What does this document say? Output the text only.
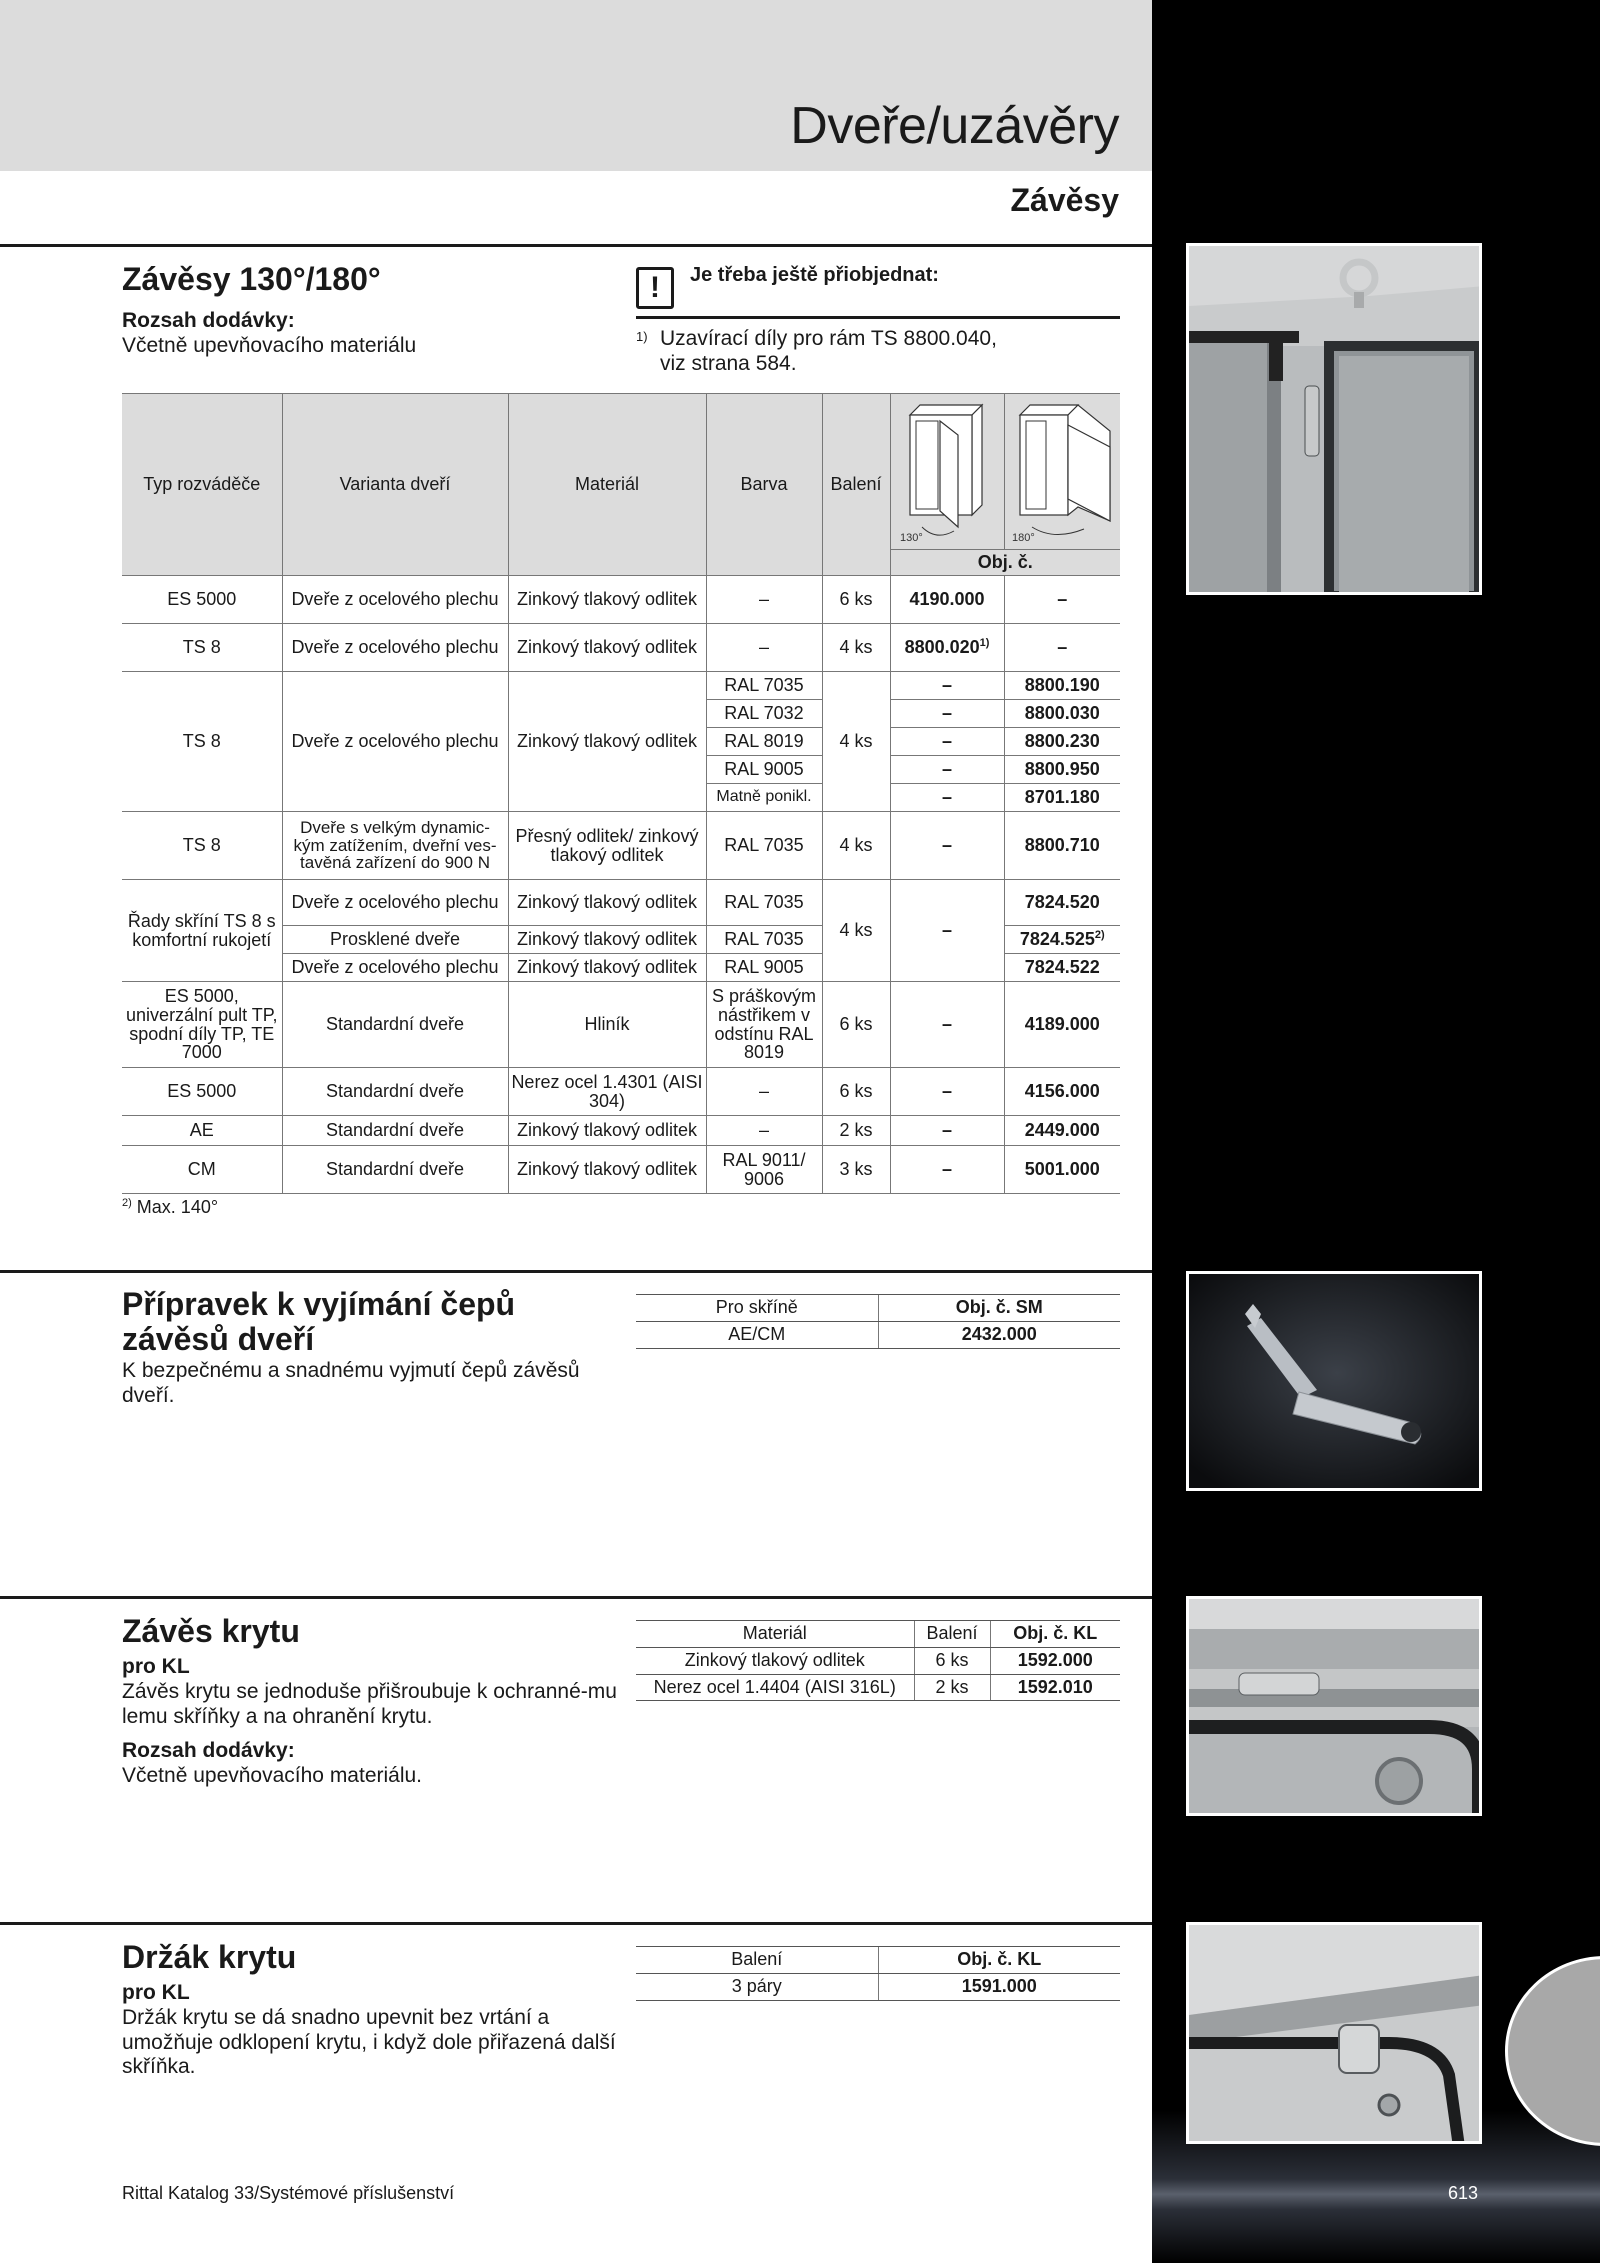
Dveře/uzávěry
Závěsy
Závěsy 130°/180°
Rozsah dodávky:
Včetně upevňovacího materiálu
!	Je třeba ještě přiobjednat:
1) Uzavírací díly pro rám TS 8800.040,
viz strana 584.
Typ rozváděče	Varianta dveří	Materiál	Barva	Balení	130°	180°

					Obj. č.	
ES 5000	Dveře z ocelového plechu	Zinkový tlakový odlitek	–	6 ks	4190.000	–
TS 8	Dveře z ocelového plechu	Zinkový tlakový odlitek	–	4 ks	8800.020$^{1)}$	–
TS 8	Dveře z ocelového plechu	Zinkový tlakový odlitek	RAL 7035	4 ks	–	8800.190
			RAL 7032		–	8800.030
			RAL 8019		–	8800.230
			RAL 9005		–	8800.950
			Matně ponikl.		–	8701.180
TS 8	Dveře s velkým dynamic-kým zatížením, dveřní ves-tavěná zařízení do 900 N	Přesný odlitek/ zinkový tlakový odlitek	RAL 7035	4 ks	–	8800.710
Řady skříní TS 8 s komfortní rukojetí	Dveře z ocelového plechu	Zinkový tlakový odlitek	RAL 7035	4 ks	–	7824.520
	Prosklené dveře	Zinkový tlakový odlitek	RAL 7035			7824.525$^{2)}$
	Dveře z ocelového plechu	Zinkový tlakový odlitek	RAL 9005			7824.522
ES 5000, univerzální pult TP, spodní díly TP, TE 7000	Standardní dveře	Hliník	S práškovým nástřikem v odstínu RAL 8019	6 ks	–	4189.000
ES 5000	Standardní dveře	Nerez ocel 1.4301 (AISI 304)	–	6 ks	–	4156.000
AE	Standardní dveře	Zinkový tlakový odlitek	–	2 ks	–	2449.000
CM	Standardní dveře	Zinkový tlakový odlitek	RAL 9011/ 9006	3 ks	–	5001.000
$^{2)}$ Max. 140°
Přípravek k vyjímání čepů závěsů dveří
K bezpečnému a snadnému vyjmutí čepů závěsů dveří.
Pro skříně	Obj. č. SM
AE/CM	2432.000
Závěs krytu
pro KL
Závěs krytu se jednoduše přišroubuje k ochranné-mu lemu skříňky a na ohranění krytu.
Rozsah dodávky:
Včetně upevňovacího materiálu.
Materiál	Balení	Obj. č. KL
Zinkový tlakový odlitek	6 ks	1592.000
Nerez ocel 1.4404 (AISI 316L)	2 ks	1592.010
Držák krytu
pro KL
Držák krytu se dá snadno upevnit bez vrtání a umožňuje odklopení krytu, i když dole přiřazená další skříňka.
Balení	Obj. č. KL
3 páry	1591.000
Rittal Katalog 33/Systémové příslušenství	613
